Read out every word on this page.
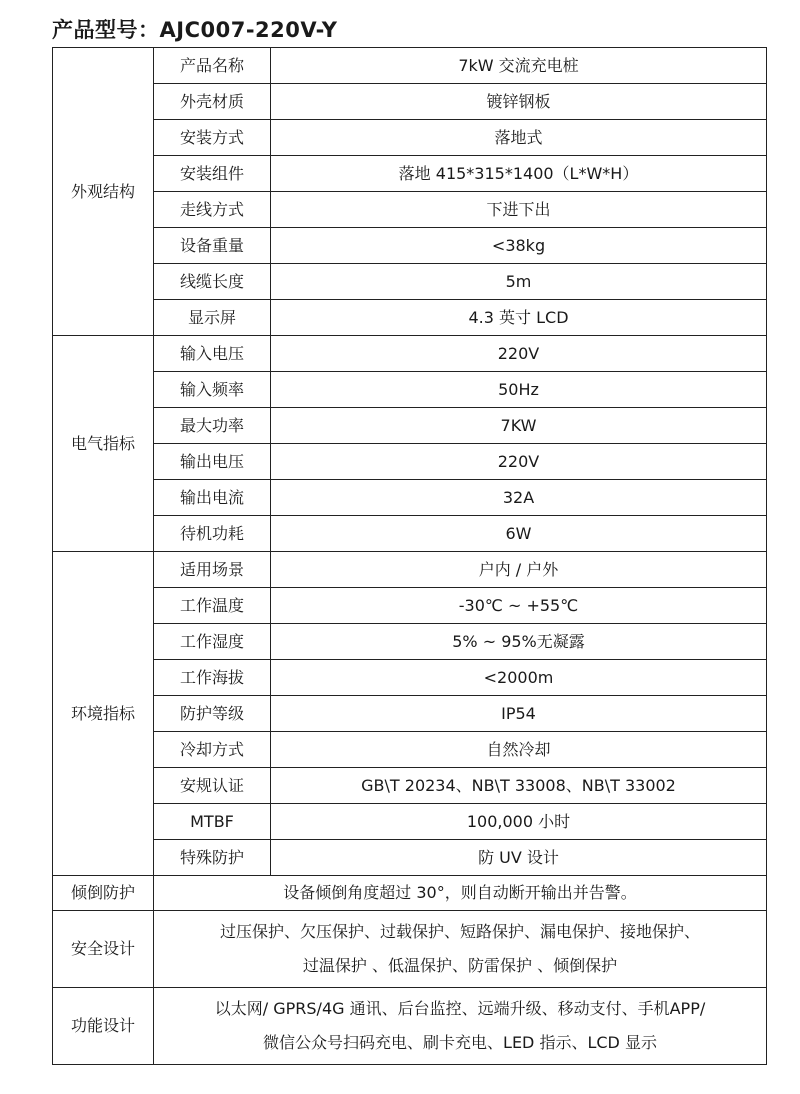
产品型号：AJC007-220V-Y
外观结构	产品名称	7kW 交流充电桩
	外壳材质	镀锌钢板
	安装方式	落地式
	安装组件	落地 415*315*1400（L*W*H）
	走线方式	下进下出
	设备重量	<38kg
	线缆长度	5m
	显示屏	4.3 英寸 LCD
电气指标	输入电压	220V
	输入频率	50Hz
	最大功率	7KW
	输出电压	220V
	输出电流	32A
	待机功耗	6W
环境指标	适用场景	户内 / 户外
	工作温度	-30℃ ~ +55℃
	工作湿度	5% ~ 95%无凝露
	工作海拔	<2000m
	防护等级	IP54
	冷却方式	自然冷却
	安规认证	GB\T 20234、NB\T 33008、NB\T 33002
	MTBF	100,000 小时
	特殊防护	防 UV 设计
倾倒防护	设备倾倒角度超过 30°，则自动断开输出并告警。	

安全设计	过压保护、欠压保护、过载保护、短路保护、漏电保护、接地保护、
过温保护 、低温保护、防雷保护 、倾倒保护	

功能设计	以太网/ GPRS/4G 通讯、后台监控、远端升级、移动支付、手机APP/
微信公众号扫码充电、刷卡充电、LED 指示、LCD 显示	
